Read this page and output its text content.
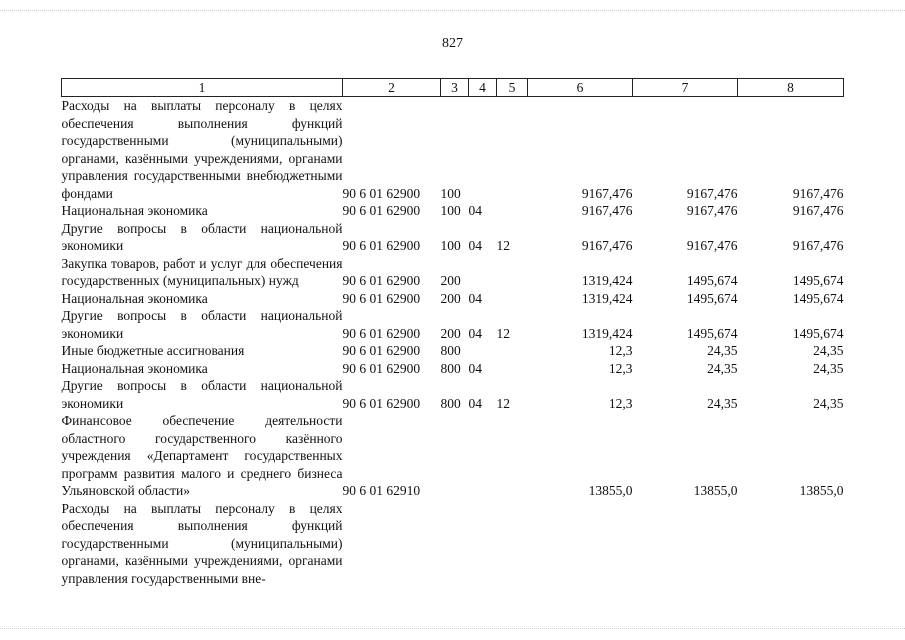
827
1	2	3	4	5	6	7	8
Расходы на выплаты персоналу в целях обеспечения выполнения функций государственными (муниципальными) органами, казёнными учреждениями, органами управления государственными внебюджетными фондами	90 6 01 62900	100			9167,476	9167,476	9167,476
Национальная экономика	90 6 01 62900	100	04		9167,476	9167,476	9167,476
Другие вопросы в области национальной экономики	90 6 01 62900	100	04	12	9167,476	9167,476	9167,476
Закупка товаров, работ и услуг для обеспечения государственных (муниципальных) нужд	90 6 01 62900	200			1319,424	1495,674	1495,674
Национальная экономика	90 6 01 62900	200	04		1319,424	1495,674	1495,674
Другие вопросы в области национальной экономики	90 6 01 62900	200	04	12	1319,424	1495,674	1495,674
Иные бюджетные ассигнования	90 6 01 62900	800			12,3	24,35	24,35
Национальная экономика	90 6 01 62900	800	04		12,3	24,35	24,35
Другие вопросы в области национальной экономики	90 6 01 62900	800	04	12	12,3	24,35	24,35
Финансовое обеспечение деятельности областного государственного казённого учреждения «Департамент государственных программ развития малого и среднего бизнеса Ульяновской области»	90 6 01 62910				13855,0	13855,0	13855,0
Расходы на выплаты персоналу в целях обеспечения выполнения функций государственными (муниципальными) органами, казёнными учреждениями, органами управления государственными вне-							
